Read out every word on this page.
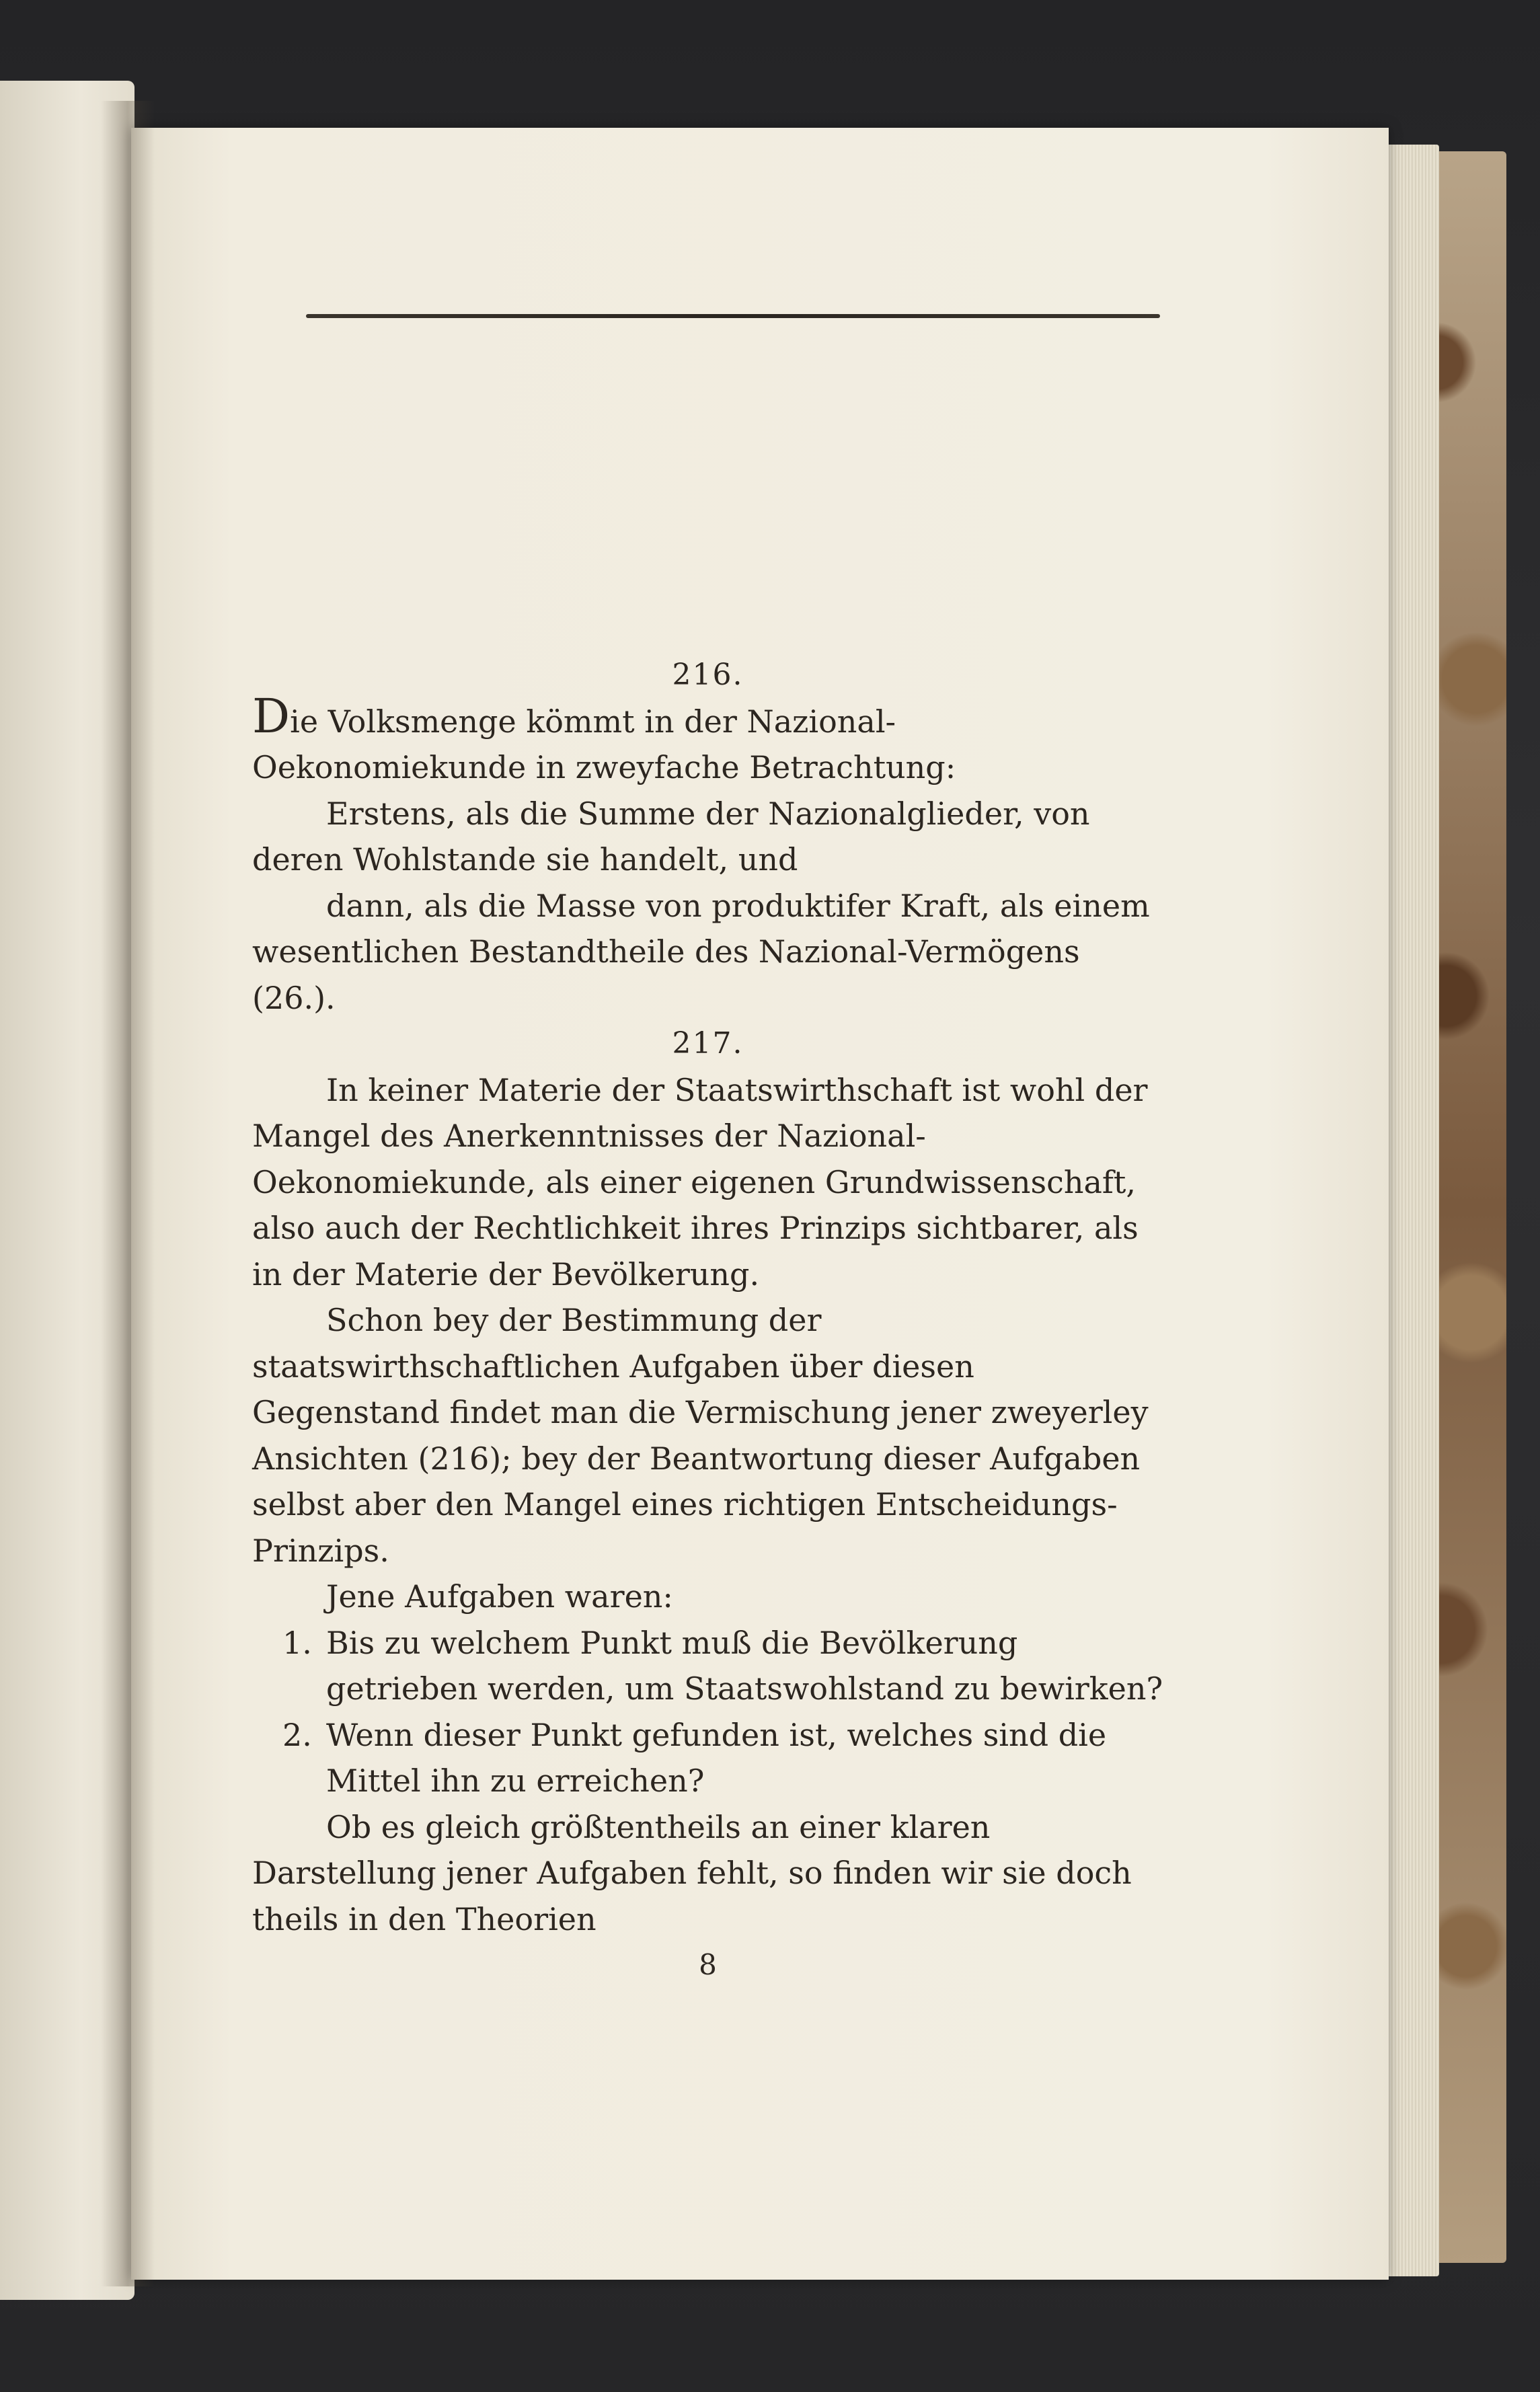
216.

Die Volksmenge kömmt in der Nazional-Oekonomiekunde in zweyfache Betrachtung:

Erstens, als die Summe der Nazionalglieder, von deren Wohlstande sie handelt, und

dann, als die Masse von produktifer Kraft, als einem wesentlichen Bestandtheile des Nazional-Vermögens (26.).

217.

In keiner Materie der Staatswirthschaft ist wohl der Mangel des Anerkenntnisses der Nazional-Oekonomiekunde, als einer eigenen Grundwissenschaft, also auch der Rechtlichkeit ihres Prinzips sichtbarer, als in der Materie der Bevölkerung.

Schon bey der Bestimmung der staatswirthschaftlichen Aufgaben über diesen Gegenstand findet man die Vermischung jener zweyerley Ansichten (216); bey der Beantwortung dieser Aufgaben selbst aber den Mangel eines richtigen Entscheidungs-Prinzips.

Jene Aufgaben waren:

1. Bis zu welchem Punkt muß die Bevölkerung getrieben werden, um Staatswohlstand zu bewirken?
2. Wenn dieser Punkt gefunden ist, welches sind die Mittel ihn zu erreichen?

Ob es gleich größtentheils an einer klaren Darstellung jener Aufgaben fehlt, so finden wir sie doch theils in den Theorien

8
